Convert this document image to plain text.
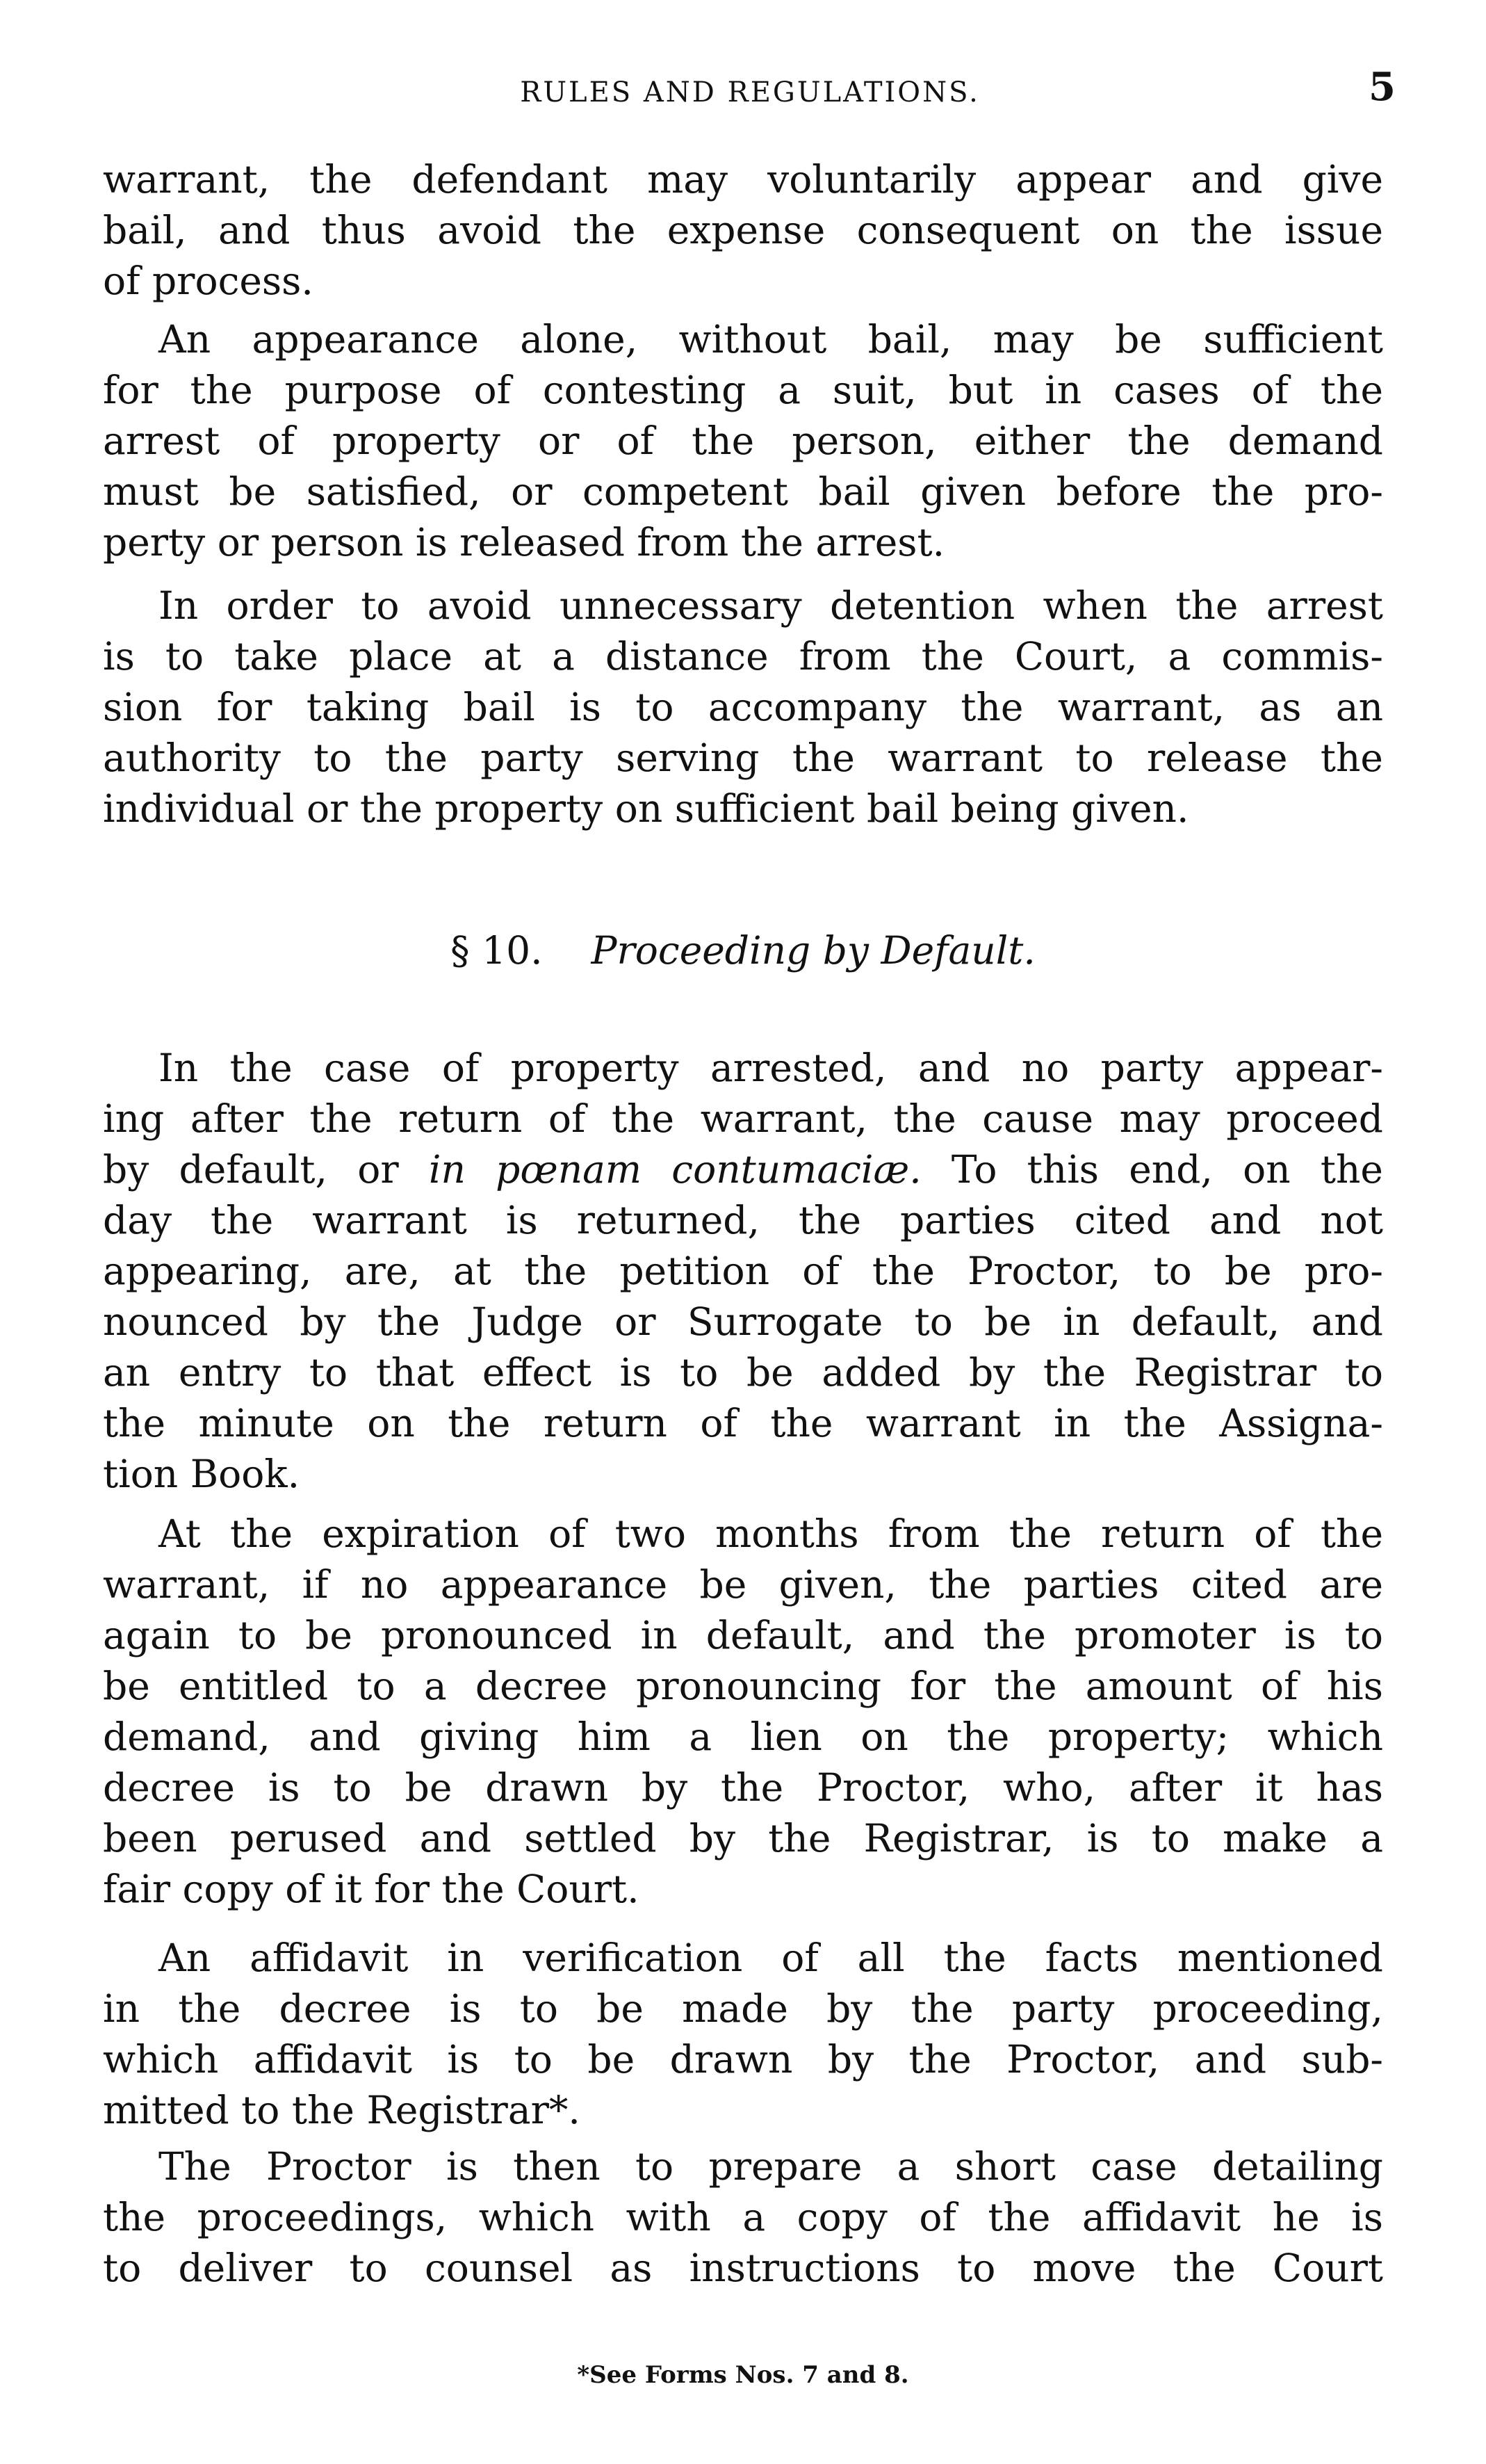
RULES AND REGULATIONS.	5
warrant, the defendant may voluntarily appear and give
bail, and thus avoid the expense consequent on the issue
of process.
An appearance alone, without bail, may be sufficient
for the purpose of contesting a suit, but in cases of the
arrest of property or of the person, either the demand
must be satisfied, or competent bail given before the pro-
perty or person is released from the arrest.
In order to avoid unnecessary detention when the arrest
is to take place at a distance from the Court, a commis-
sion for taking bail is to accompany the warrant, as an
authority to the party serving the warrant to release the
individual or the property on sufficient bail being given.
§ 10. Proceeding by Default.
In the case of property arrested, and no party appear-
ing after the return of the warrant, the cause may proceed
by default, or in pœnam contumaciæ. To this end, on the
day the warrant is returned, the parties cited and not
appearing, are, at the petition of the Proctor, to be pro-
nounced by the Judge or Surrogate to be in default, and
an entry to that effect is to be added by the Registrar to
the minute on the return of the warrant in the Assigna-
tion Book.
At the expiration of two months from the return of the
warrant, if no appearance be given, the parties cited are
again to be pronounced in default, and the promoter is to
be entitled to a decree pronouncing for the amount of his
demand, and giving him a lien on the property; which
decree is to be drawn by the Proctor, who, after it has
been perused and settled by the Registrar, is to make a
fair copy of it for the Court.
An affidavit in verification of all the facts mentioned
in the decree is to be made by the party proceeding,
which affidavit is to be drawn by the Proctor, and sub-
mitted to the Registrar*.
The Proctor is then to prepare a short case detailing
the proceedings, which with a copy of the affidavit he is
to deliver to counsel as instructions to move the Court
*See Forms Nos. 7 and 8.
